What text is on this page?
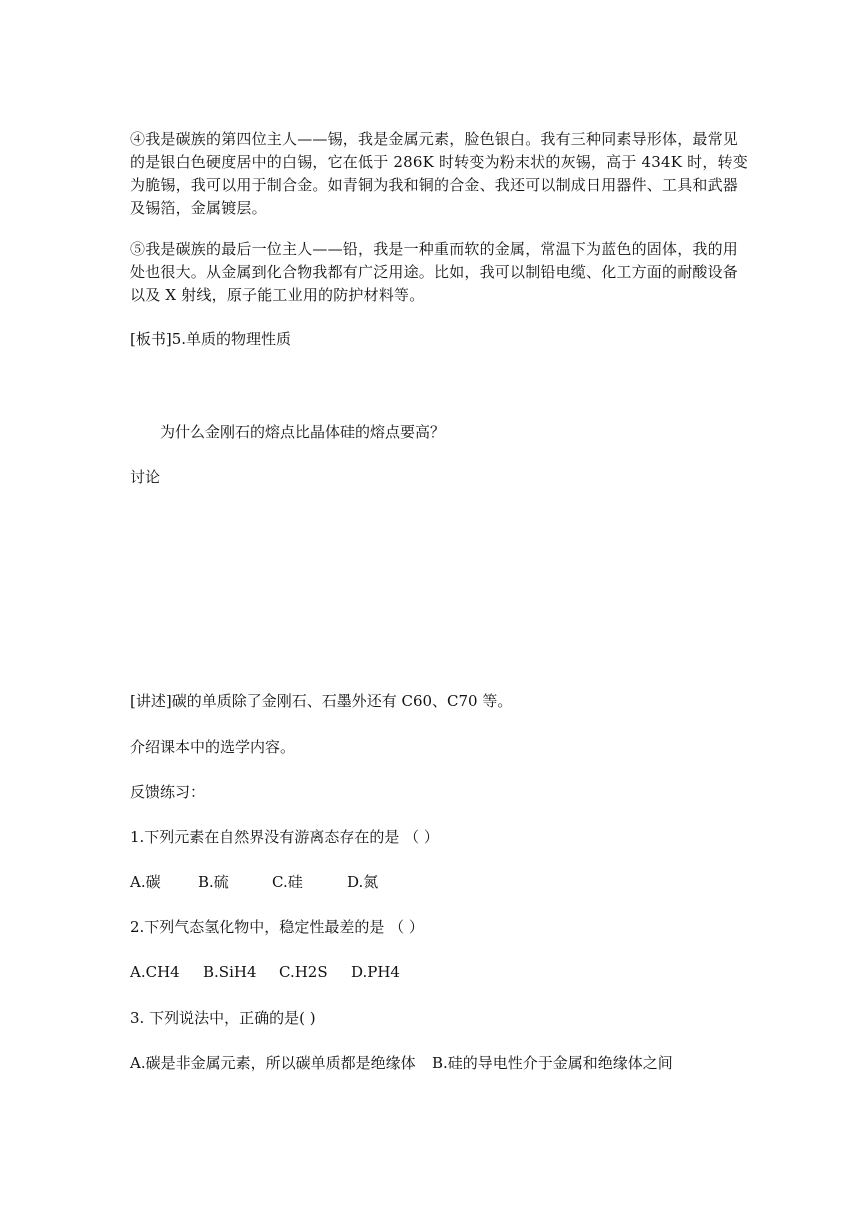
④我是碳族的第四位主人——锡，我是金属元素，脸色银白。我有三种同素导形体，最常见
的是银白色硬度居中的白锡，它在低于 286K 时转变为粉末状的灰锡，高于 434K 时，转变
为脆锡，我可以用于制合金。如青铜为我和铜的合金、我还可以制成日用器件、工具和武器
及锡箔，金属镀层。
⑤我是碳族的最后一位主人——铅，我是一种重而软的金属，常温下为蓝色的固体，我的用
处也很大。从金属到化合物我都有广泛用途。比如，我可以制铅电缆、化工方面的耐酸设备
以及 X 射线，原子能工业用的防护材料等。
[板书]5.单质的物理性质
为什么金刚石的熔点比晶体硅的熔点要高？
讨论
[讲述]碳的单质除了金刚石、石墨外还有 C60、C70 等。
介绍课本中的选学内容。
反馈练习：
1.下列元素在自然界没有游离态存在的是 （ ）
A.碳 B.硫	C.硅	D.氮
2.下列气态氢化物中，稳定性最差的是 （ ）
A.CH4 B.SiH4 C.H2S D.PH4
3. 下列说法中，正确的是( )
A.碳是非金属元素，所以碳单质都是绝缘体 B.硅的导电性介于金属和绝缘体之间
